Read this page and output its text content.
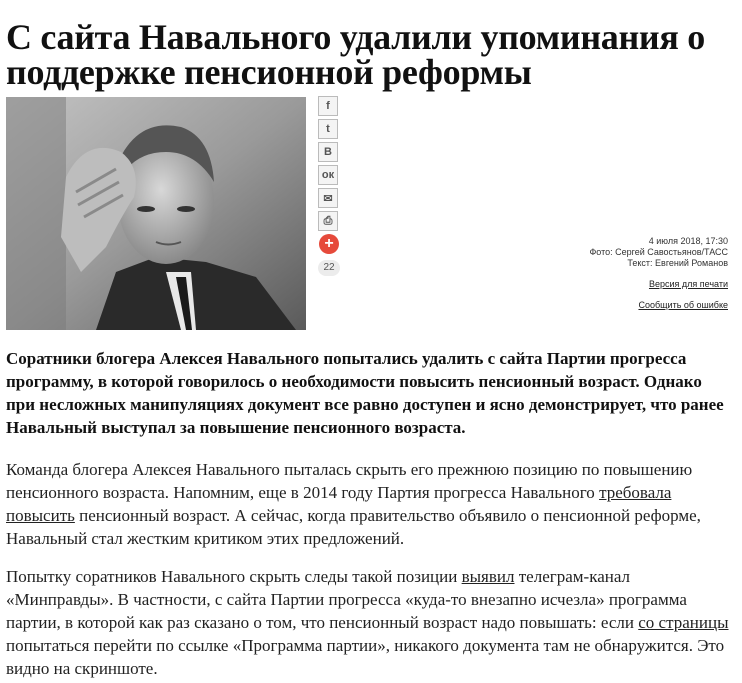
С сайта Навального удалили упоминания о поддержке пенсионной реформы
f
t
В
ок
✉
⎙
+
22
4 июля 2018, 17:30
Фото: Сергей Савостьянов/ТАСС
Текст: Евгений Романов
Версия для печати
Сообщить об ошибке

Соратники блогера Алексея Навального попытались удалить с сайта Партии прогресса программу, в которой говорилось о необходимости повысить пенсионный возраст. Однако при несложных манипуляциях документ все равно доступен и ясно демонстрирует, что ранее Навальный выступал за повышение пенсионного возраста.

Команда блогера Алексея Навального пыталась скрыть его прежнюю позицию по повышению пенсионного возраста. Напомним, еще в 2014 году Партия прогресса Навального требовала повысить пенсионный возраст. А сейчас, когда правительство объявило о пенсионной реформе, Навальный стал жестким критиком этих предложений.

Попытку соратников Навального скрыть следы такой позиции выявил телеграм-канал «Минправды». В частности, с сайта Партии прогресса «куда-то внезапно исчезла» программа партии, в которой как раз сказано о том, что пенсионный возраст надо повышать: если со страницы попытаться перейти по ссылке «Программа партии», никакого документа там не обнаружится. Это видно на скриншоте.
